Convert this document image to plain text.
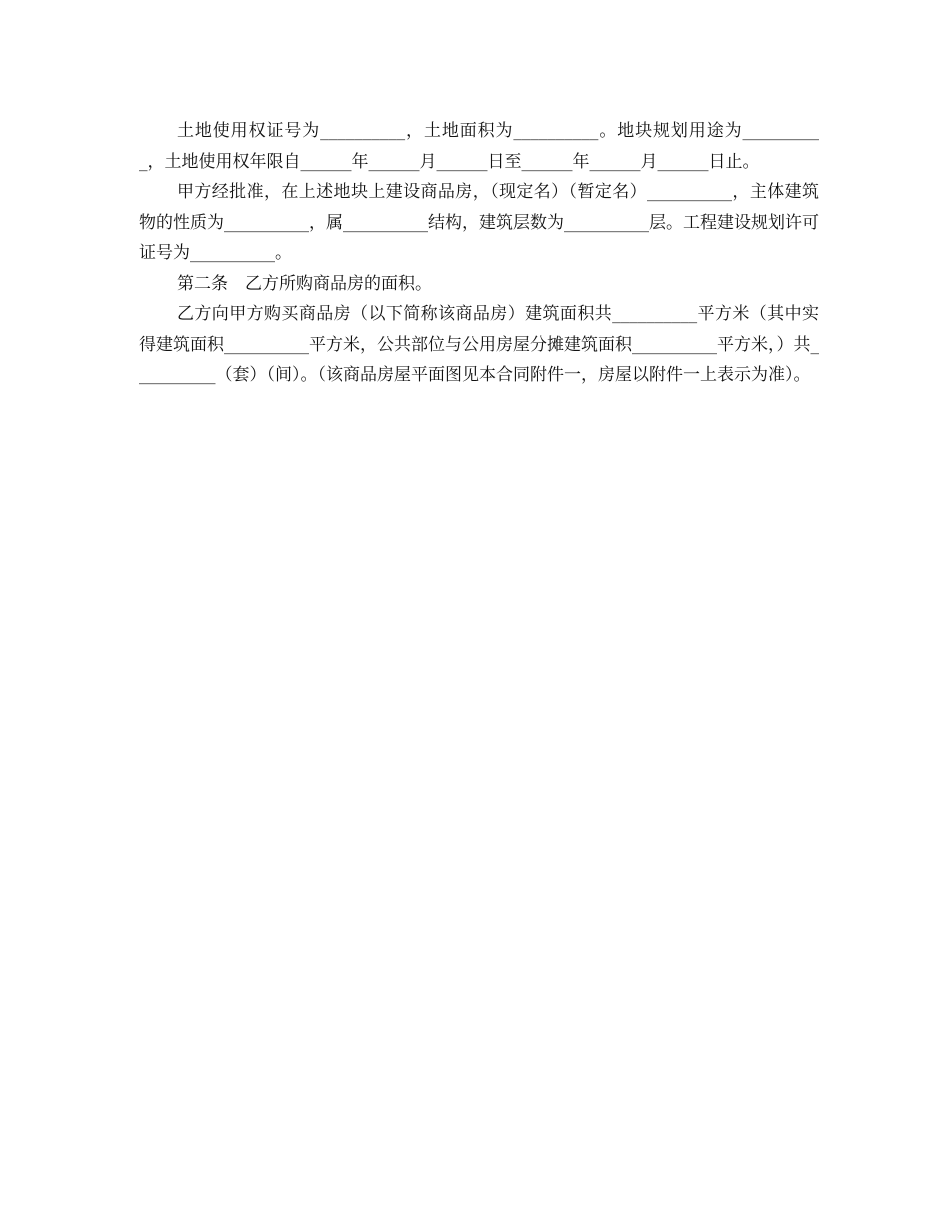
土地使用权证号为__________，土地面积为__________。地块规划用途为__________，土地使用权年限自______年______月______日至______年______月______日止。

甲方经批准，在上述地块上建设商品房，（现定名）（暂定名）__________，主体建筑物的性质为__________，属__________结构，建筑层数为__________层。工程建设规划许可证号为__________。

第二条　乙方所购商品房的面积。

乙方向甲方购买商品房（以下简称该商品房）建筑面积共__________平方米（其中实得建筑面积__________平方米，公共部位与公用房屋分摊建筑面积__________平方米，）共__________（套）（间）。（该商品房屋平面图见本合同附件一，房屋以附件一上表示为准）。
